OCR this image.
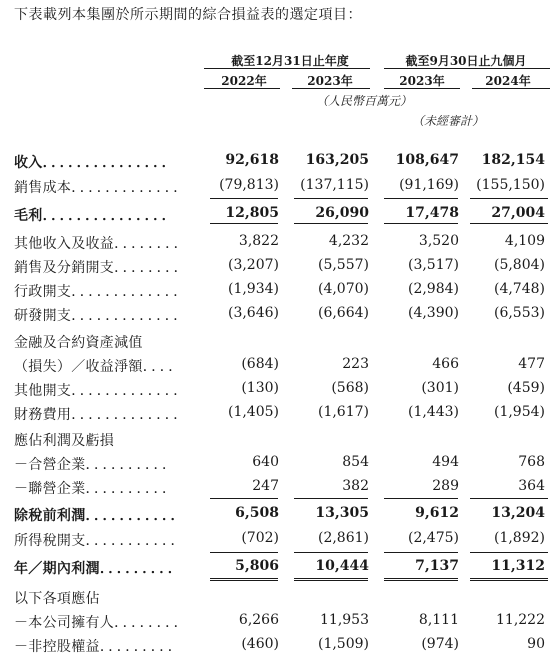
下表載列本集團於所示期間的綜合損益表的選定項目：
截至12月31日止年度	截至9月30日止九個月
2022年	2023年	2023年	2024年
（人民幣百萬元）
（未經審計）
收入．．．．．．．．．．．．．．．	92,618	163,205	108,647	182,154
銷售成本．．．．．．．．．．．．．	(79,813)	(137,115)	(91,169)	(155,150)
毛利．．．．．．．．．．．．．．．	12,805	26,090	17,478	27,004
其他收入及收益．．．．．．．．	3,822	4,232	3,520	4,109
銷售及分銷開支．．．．．．．．	(3,207)	(5,557)	(3,517)	(5,804)
行政開支．．．．．．．．．．．．．	(1,934)	(4,070)	(2,984)	(4,748)
研發開支．．．．．．．．．．．．．	(3,646)	(6,664)	(4,390)	(6,553)
金融及合約資產減值
（損失）／收益淨額．．．．	(684)	223	466	477
其他開支．．．．．．．．．．．．．	(130)	(568)	(301)	(459)
財務費用．．．．．．．．．．．．．	(1,405)	(1,617)	(1,443)	(1,954)
應佔利潤及虧損
－合營企業．．．．．．．．．．	640	854	494	768
－聯營企業．．．．．．．．．．	247	382	289	364
除稅前利潤．．．．．．．．．．．	6,508	13,305	9,612	13,204
所得稅開支．．．．．．．．．．．	(702)	(2,861)	(2,475)	(1,892)
年／期內利潤．．．．．．．．．	5,806	10,444	7,137	11,312
以下各項應佔
－本公司擁有人．．．．．．．．	6,266	11,953	8,111	11,222
－非控股權益．．．．．．．．．	(460)	(1,509)	(974)	90
